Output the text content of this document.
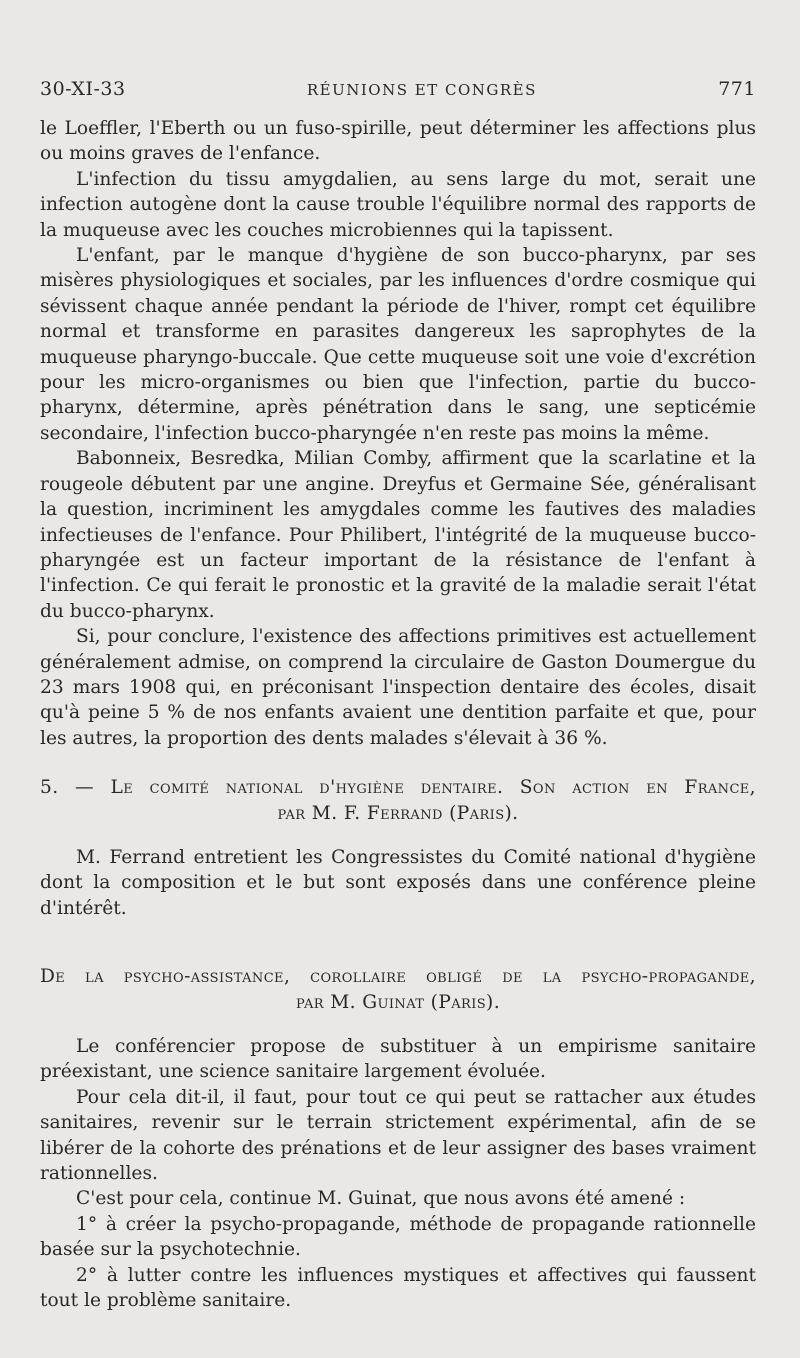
30-XI-33	RÉUNIONS ET CONGRÈS	771

le Loeffler, l'Eberth ou un fuso-spirille, peut déterminer les affections plus ou moins graves de l'enfance.

L'infection du tissu amygdalien, au sens large du mot, serait une infection autogène dont la cause trouble l'équilibre normal des rapports de la muqueuse avec les couches microbiennes qui la tapissent.

L'enfant, par le manque d'hygiène de son bucco-pharynx, par ses misères physiologiques et sociales, par les influences d'ordre cosmique qui sévissent chaque année pendant la période de l'hiver, rompt cet équilibre normal et transforme en parasites dangereux les saprophytes de la muqueuse pharyngo-buccale. Que cette muqueuse soit une voie d'excrétion pour les micro-organismes ou bien que l'infection, partie du bucco-pharynx, détermine, après pénétration dans le sang, une septicémie secondaire, l'infection bucco-pharyngée n'en reste pas moins la même.

Babonneix, Besredka, Milian Comby, affirment que la scarlatine et la rougeole débutent par une angine. Dreyfus et Germaine Sée, généralisant la question, incriminent les amygdales comme les fautives des maladies infectieuses de l'enfance. Pour Philibert, l'intégrité de la muqueuse bucco-pharyngée est un facteur important de la résistance de l'enfant à l'infection. Ce qui ferait le pronostic et la gravité de la maladie serait l'état du bucco-pharynx.

Si, pour conclure, l'existence des affections primitives est actuellement généralement admise, on comprend la circulaire de Gaston Doumergue du 23 mars 1908 qui, en préconisant l'inspection dentaire des écoles, disait qu'à peine 5 % de nos enfants avaient une dentition parfaite et que, pour les autres, la proportion des dents malades s'élevait à 36 %.

5. — Le comité national d'hygiène dentaire. Son action en France,
par M. F. Ferrand (Paris).

M. Ferrand entretient les Congressistes du Comité national d'hygiène dont la composition et le but sont exposés dans une conférence pleine d'intérêt.

De la psycho-assistance, corollaire obligé de la psycho-propagande,
par M. Guinat (Paris).

Le conférencier propose de substituer à un empirisme sanitaire préexistant, une science sanitaire largement évoluée.

Pour cela dit-il, il faut, pour tout ce qui peut se rattacher aux études sanitaires, revenir sur le terrain strictement expérimental, afin de se libérer de la cohorte des prénations et de leur assigner des bases vraiment rationnelles.

C'est pour cela, continue M. Guinat, que nous avons été amené :

1° à créer la psycho-propagande, méthode de propagande rationnelle basée sur la psychotechnie.

2° à lutter contre les influences mystiques et affectives qui faussent tout le problème sanitaire.
